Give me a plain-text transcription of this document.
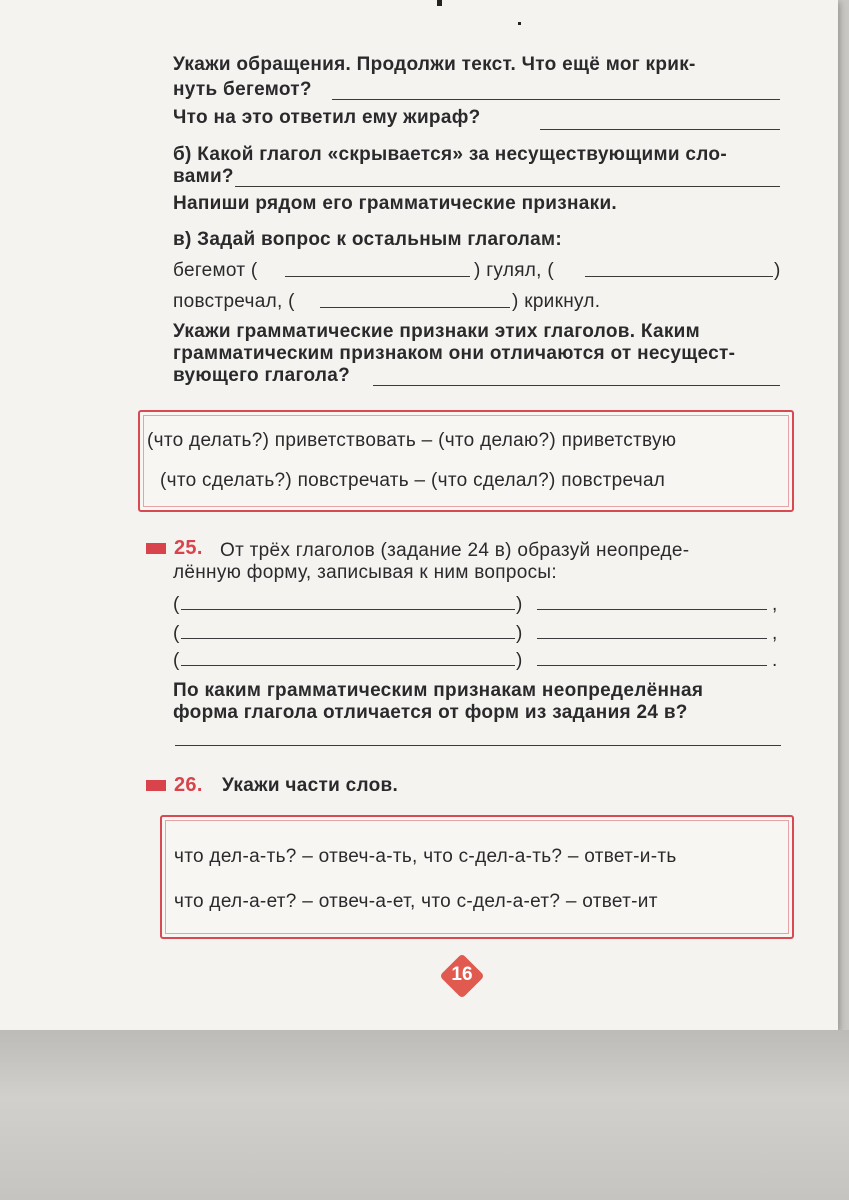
Укажи обращения. Продолжи текст. Что ещё мог крик-
нуть бегемот?
Что на это ответил ему жираф?
б) Какой глагол «скрывается» за несуществующими сло-
вами?
Напиши рядом его грамматические признаки.
в) Задай вопрос к остальным глаголам:
бегемот (	) гулял, (	)
повстречал, (	) крикнул.
Укажи грамматические признаки этих глаголов. Каким
грамматическим признаком они отличаются от несущест-
вующего глагола?
(что делать?) приветствовать – (что делаю?) приветствую
(что сделать?) повстречать – (что сделал?) повстречал
25. От трёх глаголов (задание 24 в) образуй неопреде-
лённую форму, записывая к ним вопросы:
(	)	,
(	)	,
(	)	.
По каким грамматическим признакам неопределённая
форма глагола отличается от форм из задания 24 в?
26.	Укажи части слов.
что дел-а-ть? – отвеч-а-ть, что с-дел-а-ть? – ответ-и-ть
что дел-а-ет? – отвеч-а-ет, что с-дел-а-ет? – ответ-ит
16
